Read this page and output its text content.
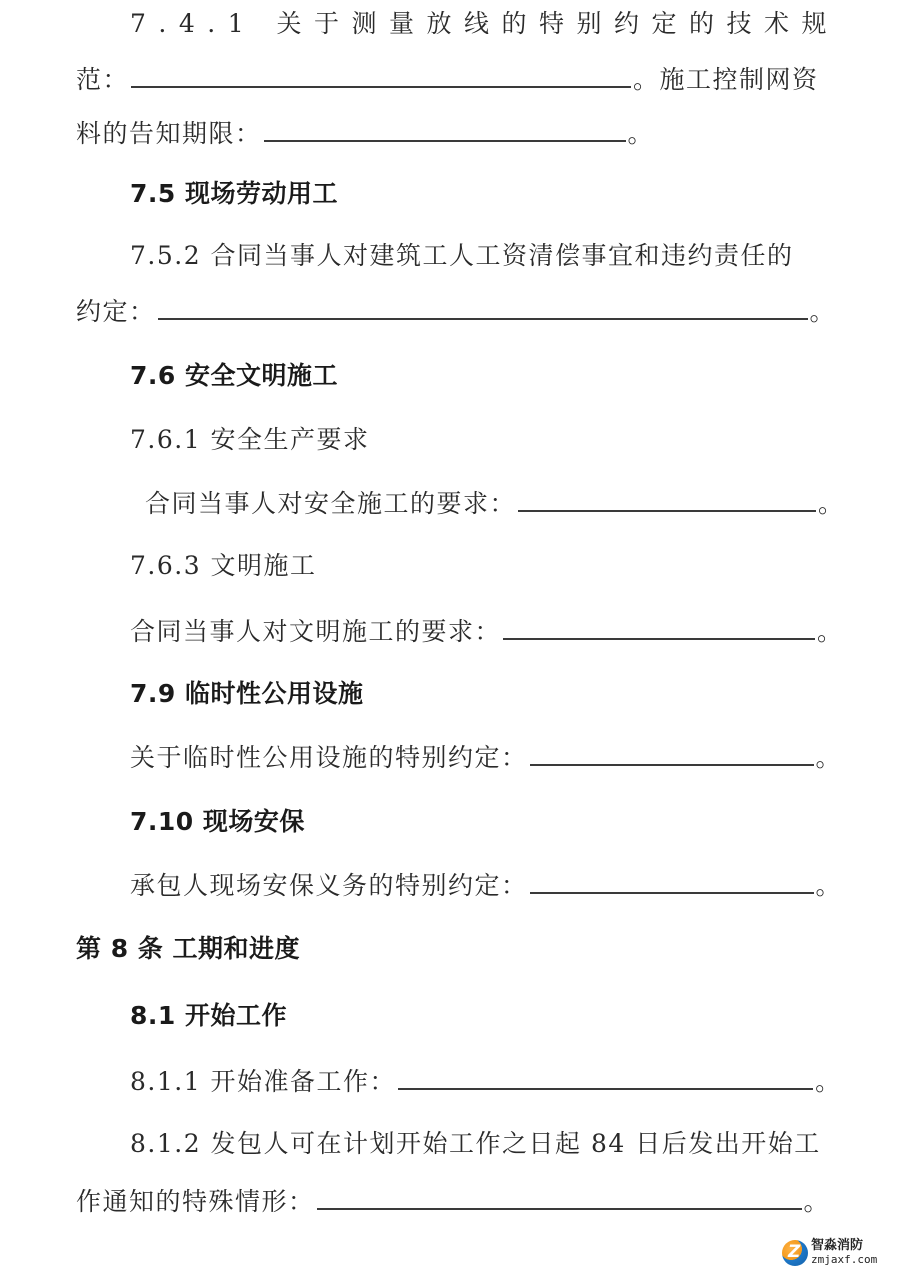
7.4.1 关于测量放线的特别约定的技术规
范：	。施工控制网资
料的告知期限：	。
7.5 现场劳动用工
7.5.2 合同当事人对建筑工人工资清偿事宜和违约责任的
约定：	。
7.6 安全文明施工
7.6.1 安全生产要求
合同当事人对安全施工的要求：	。
7.6.3 文明施工
合同当事人对文明施工的要求：	。
7.9 临时性公用设施
关于临时性公用设施的特别约定：	。
7.10 现场安保
承包人现场安保义务的特别约定：	。
第 8 条 工期和进度
8.1 开始工作
8.1.1 开始准备工作：	。
8.1.2 发包人可在计划开始工作之日起 84 日后发出开始工
作通知的特殊情形：	。
Z
智淼消防
zmjaxf.com
